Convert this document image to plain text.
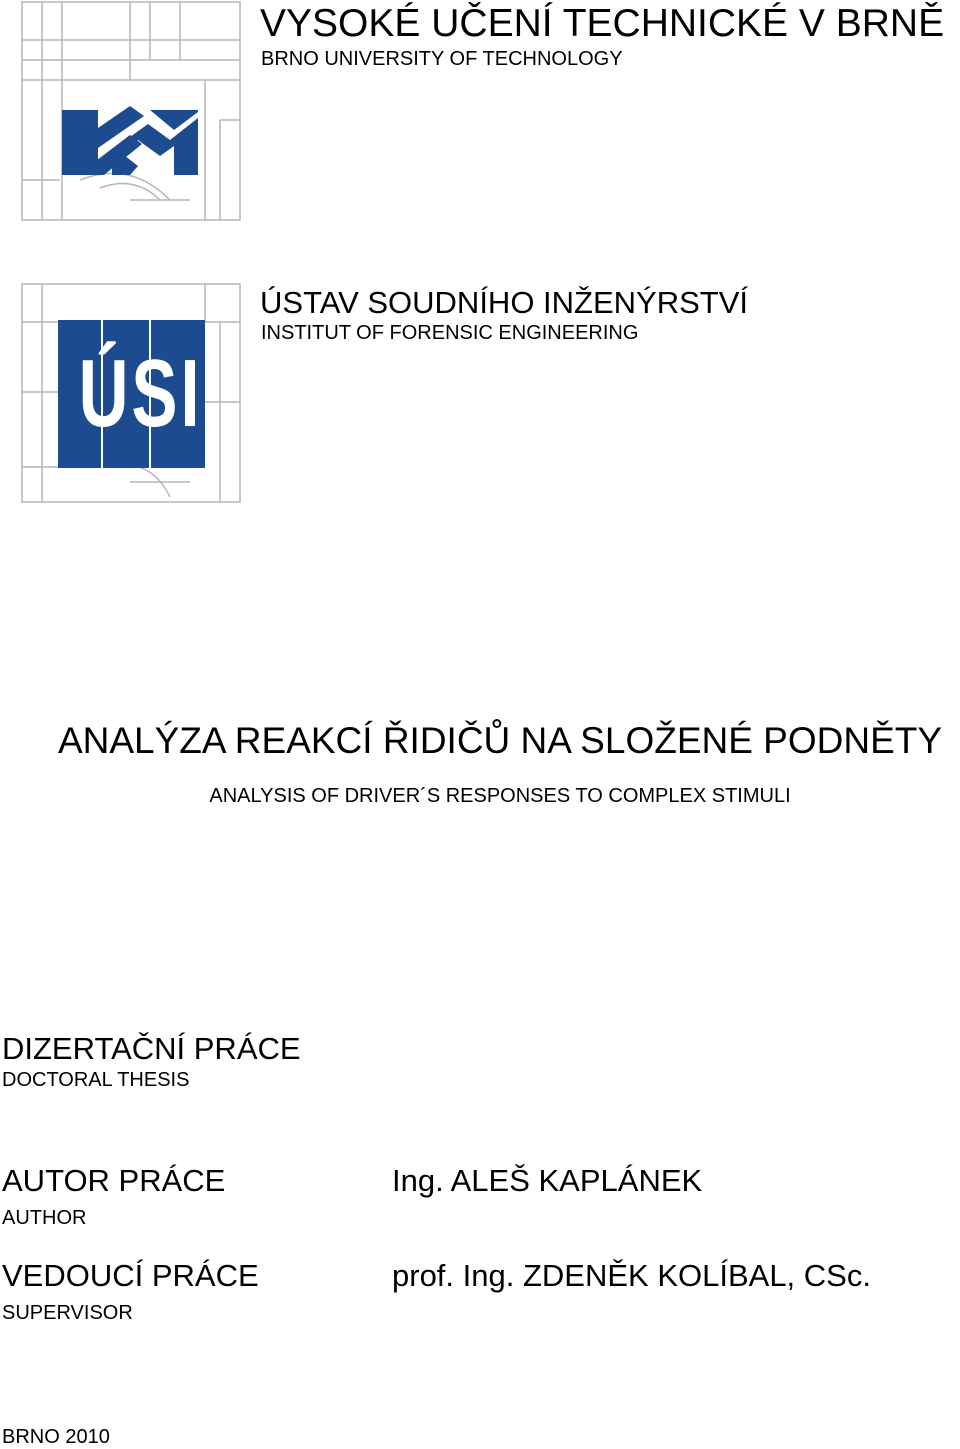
VYSOKÉ UČENÍ TECHNICKÉ V BRNĚ
BRNO UNIVERSITY OF TECHNOLOGY
ÚSI
ÚSTAV SOUDNÍHO INŽENÝRSTVÍ
INSTITUT OF FORENSIC ENGINEERING
ANALÝZA REAKCÍ ŘIDIČŮ NA SLOŽENÉ PODNĚTY
ANALYSIS OF DRIVER´S RESPONSES TO COMPLEX STIMULI
DIZERTAČNÍ PRÁCE
DOCTORAL THESIS
AUTOR PRÁCE
AUTHOR
Ing. ALEŠ KAPLÁNEK
VEDOUCÍ PRÁCE
SUPERVISOR
prof. Ing. ZDENĚK KOLÍBAL, CSc.
BRNO 2010
